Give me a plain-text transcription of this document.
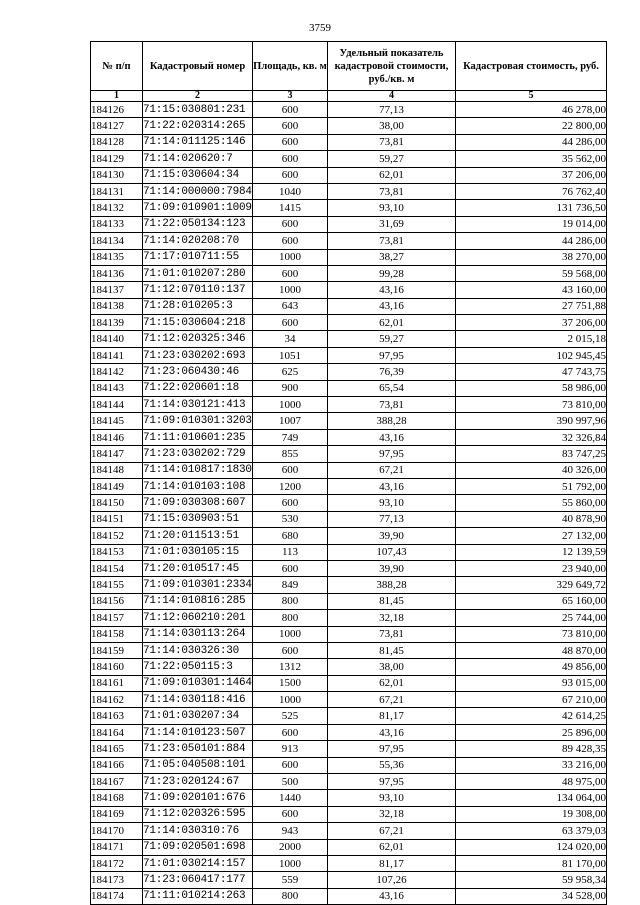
3759
№ п/п	Кадастровый номер	Площадь, кв. м	Удельный показатель кадастровой стоимости, руб./кв. м	Кадастровая стоимость, руб.
1	2	3	4	5
184126	71:15:030801:231	600	77,13	46 278,00
184127	71:22:020314:265	600	38,00	22 800,00
184128	71:14:011125:146	600	73,81	44 286,00
184129	71:14:020620:7	600	59,27	35 562,00
184130	71:15:030604:34	600	62,01	37 206,00
184131	71:14:000000:7984	1040	73,81	76 762,40
184132	71:09:010901:1009	1415	93,10	131 736,50
184133	71:22:050134:123	600	31,69	19 014,00
184134	71:14:020208:70	600	73,81	44 286,00
184135	71:17:010711:55	1000	38,27	38 270,00
184136	71:01:010207:280	600	99,28	59 568,00
184137	71:12:070110:137	1000	43,16	43 160,00
184138	71:28:010205:3	643	43,16	27 751,88
184139	71:15:030604:218	600	62,01	37 206,00
184140	71:12:020325:346	34	59,27	2 015,18
184141	71:23:030202:693	1051	97,95	102 945,45
184142	71:23:060430:46	625	76,39	47 743,75
184143	71:22:020601:18	900	65,54	58 986,00
184144	71:14:030121:413	1000	73,81	73 810,00
184145	71:09:010301:3203	1007	388,28	390 997,96
184146	71:11:010601:235	749	43,16	32 326,84
184147	71:23:030202:729	855	97,95	83 747,25
184148	71:14:010817:1830	600	67,21	40 326,00
184149	71:14:010103:108	1200	43,16	51 792,00
184150	71:09:030308:607	600	93,10	55 860,00
184151	71:15:030903:51	530	77,13	40 878,90
184152	71:20:011513:51	680	39,90	27 132,00
184153	71:01:030105:15	113	107,43	12 139,59
184154	71:20:010517:45	600	39,90	23 940,00
184155	71:09:010301:2334	849	388,28	329 649,72
184156	71:14:010816:285	800	81,45	65 160,00
184157	71:12:060210:201	800	32,18	25 744,00
184158	71:14:030113:264	1000	73,81	73 810,00
184159	71:14:030326:30	600	81,45	48 870,00
184160	71:22:050115:3	1312	38,00	49 856,00
184161	71:09:010301:1464	1500	62,01	93 015,00
184162	71:14:030118:416	1000	67,21	67 210,00
184163	71:01:030207:34	525	81,17	42 614,25
184164	71:14:010123:507	600	43,16	25 896,00
184165	71:23:050101:884	913	97,95	89 428,35
184166	71:05:040508:101	600	55,36	33 216,00
184167	71:23:020124:67	500	97,95	48 975,00
184168	71:09:020101:676	1440	93,10	134 064,00
184169	71:12:020326:595	600	32,18	19 308,00
184170	71:14:030310:76	943	67,21	63 379,03
184171	71:09:020501:698	2000	62,01	124 020,00
184172	71:01:030214:157	1000	81,17	81 170,00
184173	71:23:060417:177	559	107,26	59 958,34
184174	71:11:010214:263	800	43,16	34 528,00
